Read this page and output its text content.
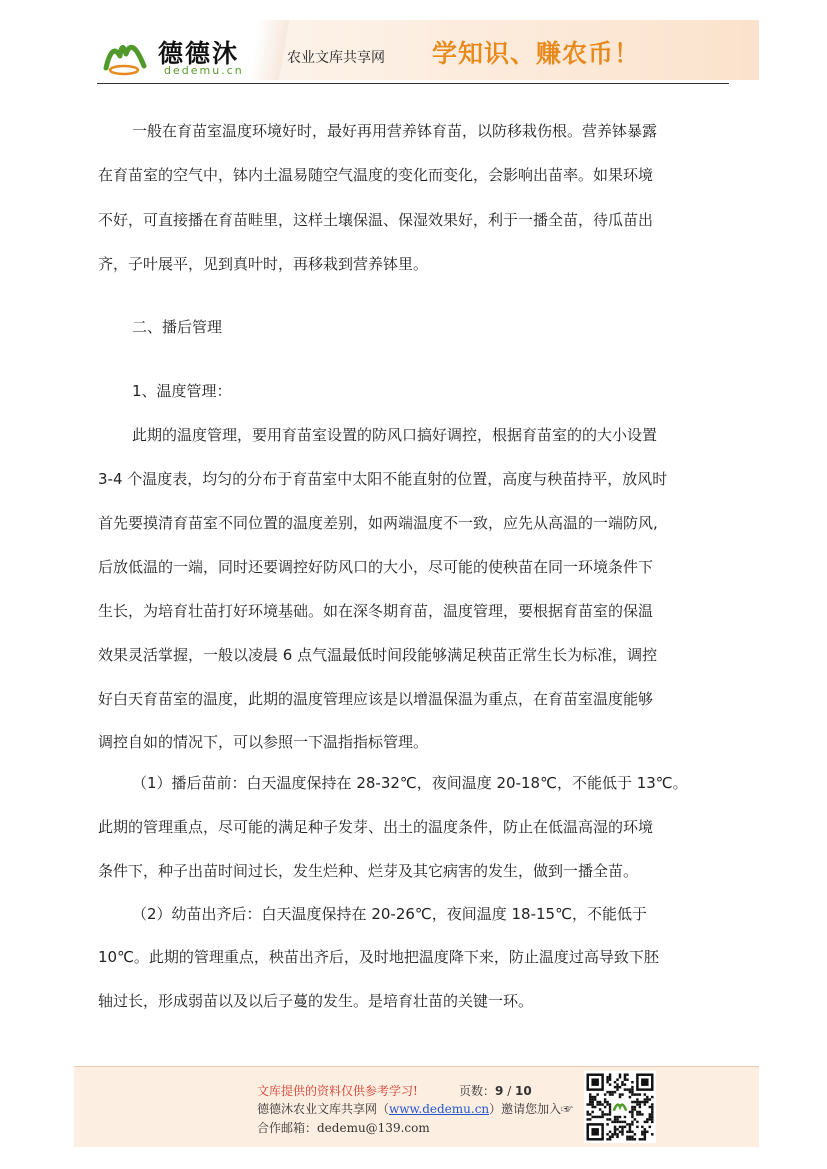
德德沐
dedemu.cn
农业文库共享网 学知识、赚农币！
一般在育苗室温度环境好时，最好再用营养钵育苗，以防移栽伤根。营养钵暴露
在育苗室的空气中，钵内土温易随空气温度的变化而变化，会影响出苗率。如果环境
不好，可直接播在育苗畦里，这样土壤保温、保湿效果好，利于一播全苗，待瓜苗出
齐，子叶展平，见到真叶时，再移栽到营养钵里。
二、播后管理
1、温度管理：
此期的温度管理，要用育苗室设置的防风口搞好调控，根据育苗室的的大小设置
3-4 个温度表，均匀的分布于育苗室中太阳不能直射的位置，高度与秧苗持平，放风时
首先要摸清育苗室不同位置的温度差别，如两端温度不一致，应先从高温的一端防风,
后放低温的一端，同时还要调控好防风口的大小，尽可能的使秧苗在同一环境条件下
生长，为培育壮苗打好环境基础。如在深冬期育苗，温度管理，要根据育苗室的保温
效果灵活掌握，一般以凌晨 6 点气温最低时间段能够满足秧苗正常生长为标准，调控
好白天育苗室的温度，此期的温度管理应该是以增温保温为重点，在育苗室温度能够
调控自如的情况下，可以参照一下温指指标管理。
（1）播后苗前：白天温度保持在 28-32℃，夜间温度 20-18℃，不能低于 13℃。
此期的管理重点，尽可能的满足种子发芽、出土的温度条件，防止在低温高湿的环境
条件下，种子出苗时间过长，发生烂种、烂芽及其它病害的发生，做到一播全苗。
（2）幼苗出齐后：白天温度保持在 20-26℃，夜间温度 18-15℃，不能低于
10℃。此期的管理重点，秧苗出齐后，及时地把温度降下来，防止温度过高导致下胚
轴过长，形成弱苗以及以后子蔓的发生。是培育壮苗的关键一环。
文库提供的资料仅供参考学习!	页数：9 / 10
德德沐农业文库共享网（www.dedemu.cn）邀请您加入☞
合作邮箱：dedemu@139.com
